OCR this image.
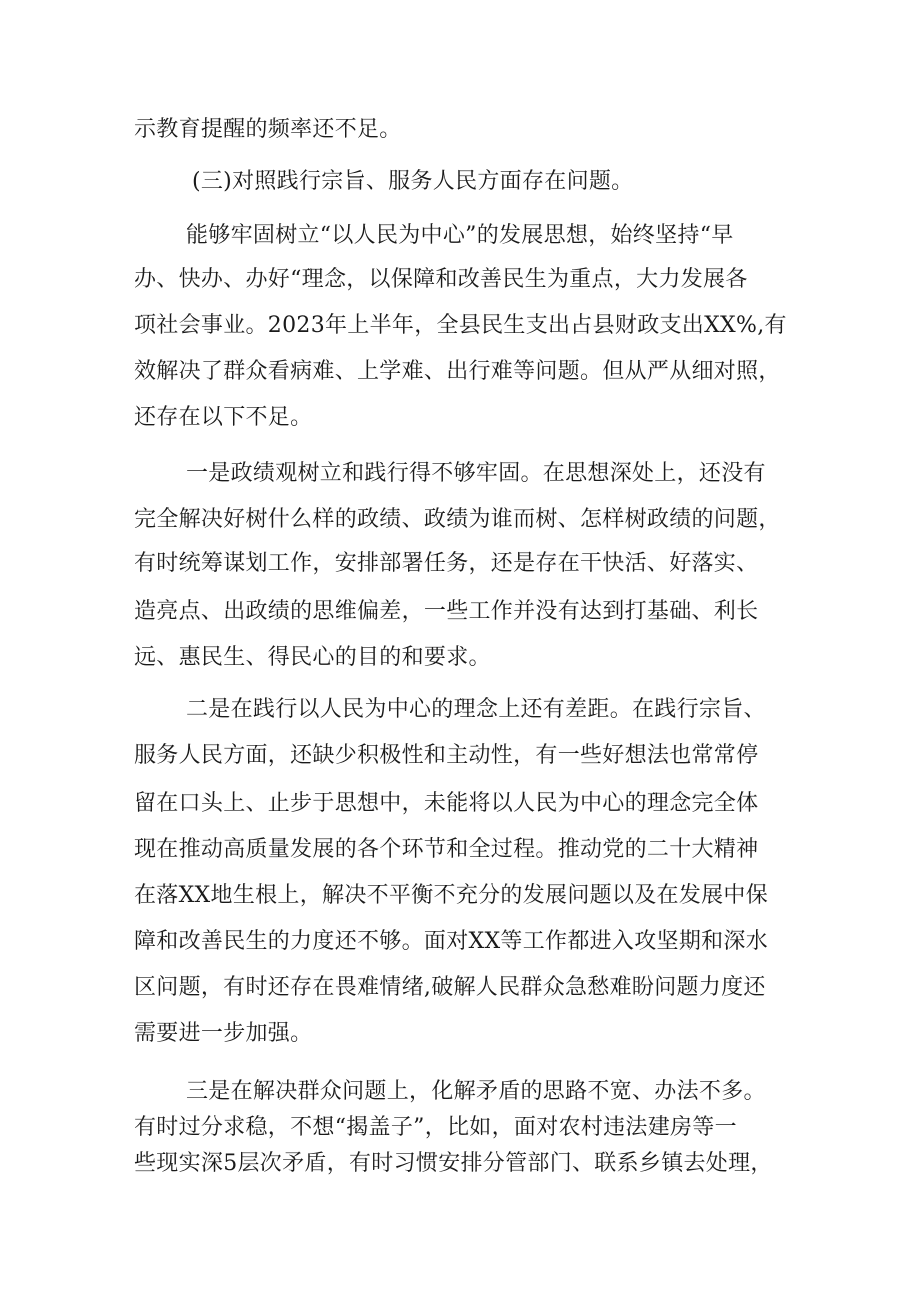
示教育提醒的频率还不足。
(三)对照践行宗旨、服务人民方面存在问题。
能够牢固树立“以人民为中心”的发展思想，始终坚持“早
办、快办、办好“理念，以保障和改善民生为重点，大力发展各
项社会事业。2023年上半年，全县民生支出占县财政支出XX%,有
效解决了群众看病难、上学难、出行难等问题。但从严从细对照，
还存在以下不足。
一是政绩观树立和践行得不够牢固。在思想深处上，还没有
完全解决好树什么样的政绩、政绩为谁而树、怎样树政绩的问题，
有时统筹谋划工作，安排部署任务，还是存在干快活、好落实、
造亮点、出政绩的思维偏差，一些工作并没有达到打基础、利长
远、惠民生、得民心的目的和要求。
二是在践行以人民为中心的理念上还有差距。在践行宗旨、
服务人民方面，还缺少积极性和主动性，有一些好想法也常常停
留在口头上、止步于思想中，未能将以人民为中心的理念完全体
现在推动高质量发展的各个环节和全过程。推动党的二十大精神
在落XX地生根上，解决不平衡不充分的发展问题以及在发展中保
障和改善民生的力度还不够。面对XX等工作都进入攻坚期和深水
区问题，有时还存在畏难情绪,破解人民群众急愁难盼问题力度还
需要进一步加强。
三是在解决群众问题上，化解矛盾的思路不宽、办法不多。
有时过分求稳，不想“揭盖子”，比如，面对农村违法建房等一
些现实深5层次矛盾，有时习惯安排分管部门、联系乡镇去处理，
